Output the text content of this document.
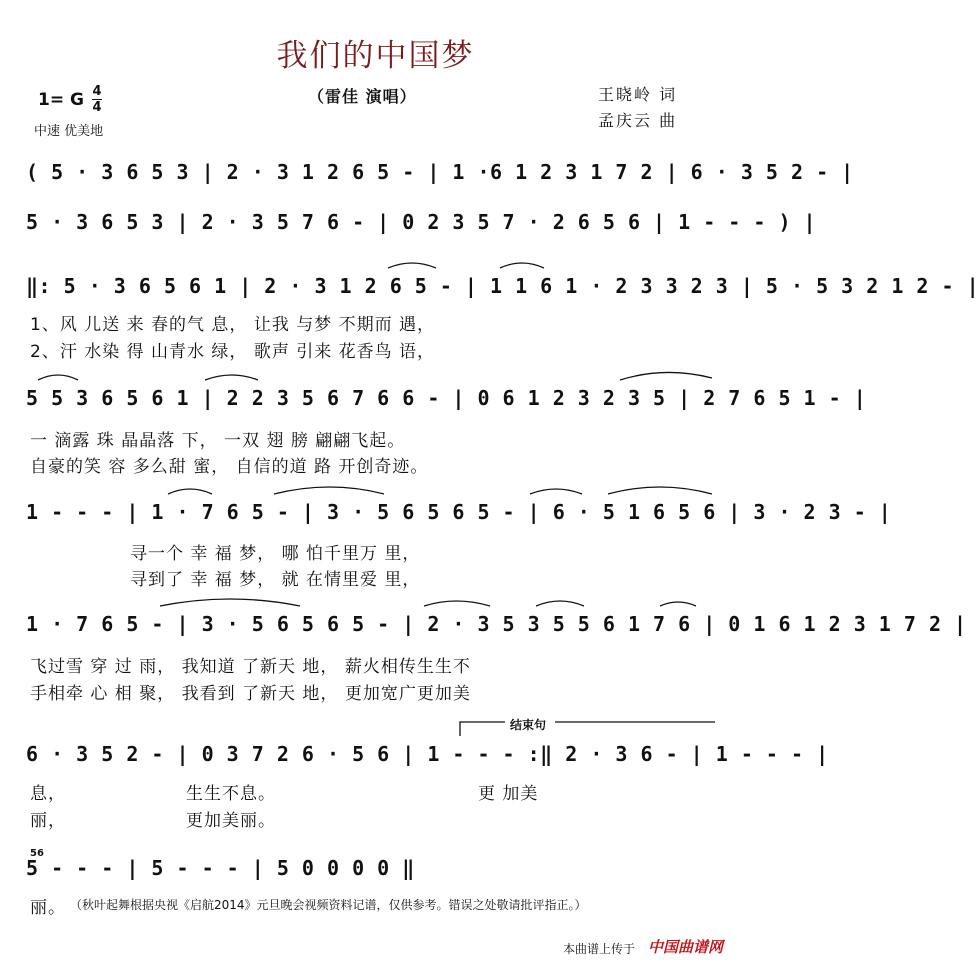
我们的中国梦
1= G 4
4
中速 优美地
（雷佳 演唱）	王晓岭 词
孟庆云 曲
( 5 · 3 6 5 3 | 2 · 3 1 2 6 5 - | 1 ·6 1 2 3 1 7 2 | 6 · 3 5 2 - |
5 · 3 6 5 3 | 2 · 3 5 7 6 - | 0 2 3 5 7 · 2 6 5 6 | 1 - - - ) |
‖: 5 · 3 6 5 6 1 | 2 · 3 1 2 6 5 - | 1 1 6 1 · 2 3 3 2 3 | 5 · 5 3 2 1 2 - |
1、风 儿送 来 春的气 息， 让我 与梦 不期而 遇，
2、汗 水染 得 山青水 绿， 歌声 引来 花香鸟 语，
5 5 3 6 5 6 1 | 2 2 3 5 6 7 6 6 - | 0 6 1 2 3 2 3 5 | 2 7 6 5 1 - |
一 滴露 珠 晶晶落 下， 一双 翅 膀 翩翩飞起。
自豪的笑 容 多么甜 蜜， 自信的道 路 开创奇迹。
1 - - - | 1 · 7 6 5 - | 3 · 5 6 5 6 5 - | 6 · 5 1 6 5 6 | 3 · 2 3 - |
寻一个 幸 福 梦， 哪 怕千里万 里，
寻到了 幸 福 梦， 就 在情里爱 里，
1 · 7 6 5 - | 3 · 5 6 5 6 5 - | 2 · 3 5 3 5 5 6 1 7 6 | 0 1 6 1 2 3 1 7 2 |
飞过雪 穿 过 雨， 我知道 了新天 地， 薪火相传生生不
手相牵 心 相 聚， 我看到 了新天 地， 更加宽广更加美
结束句
6 · 3 5 2 - | 0 3 7 2 6 · 5 6 | 1 - - - :‖ 2 · 3 6 - | 1 - - - |
息，	生生不息。	更 加美
丽，	更加美丽。
56
5 - - - | 5 - - - | 5 0 0 0 0 ‖
丽。 （秋叶起舞根据央视《启航2014》元旦晚会视频资料记谱，仅供参考。错误之处敬请批评指正。）
本曲谱上传于 中国曲谱网
